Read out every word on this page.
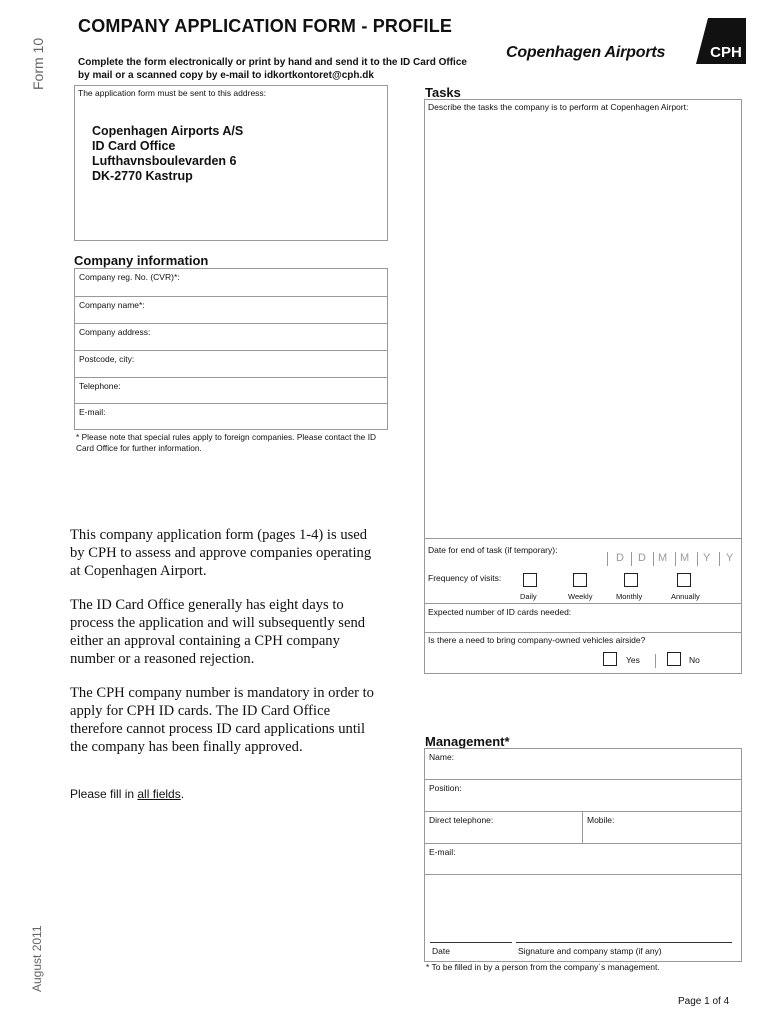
Form 10
August 2011
COMPANY APPLICATION FORM - PROFILE
Complete the form electronically or print by hand and send it to the ID Card Office by mail or a scanned copy by e-mail to idkortkontoret@cph.dk
Copenhagen Airports	CPH
The application form must be sent to this address:
Copenhagen Airports A/S
ID Card Office
Lufthavnsboulevarden 6
DK-2770 Kastrup
Company information
Company reg. No. (CVR)*:
Company name*:
Company address:
Postcode, city:
Telephone:
E-mail:
* Please note that special rules apply to foreign companies. Please contact the ID Card Office for further information.
This company application form (pages 1-4) is used by CPH to assess and approve companies operating at Copenhagen Airport.
The ID Card Office generally has eight days to process the application and will subsequently send either an approval containing a CPH company number or a reasoned rejection.
The CPH company number is mandatory in order to apply for CPH ID cards. The ID Card Office therefore cannot process ID card applications until the company has been finally approved.
Please fill in all fields.
Tasks
Describe the tasks the company is to perform at Copenhagen Airport:
Date for end of task (if temporary):
D D M M Y Y
Frequency of visits:
Daily	Weekly	Monthly	Annually
Expected number of ID cards needed:
Is there a need to bring company-owned vehicles airside?
Yes	No
Management*
Name:
Position:
Direct telephone:	Mobile:
E-mail:
Date	Signature and company stamp (if any)
* To be filled in by a person from the company´s management.
Page 1 of 4
